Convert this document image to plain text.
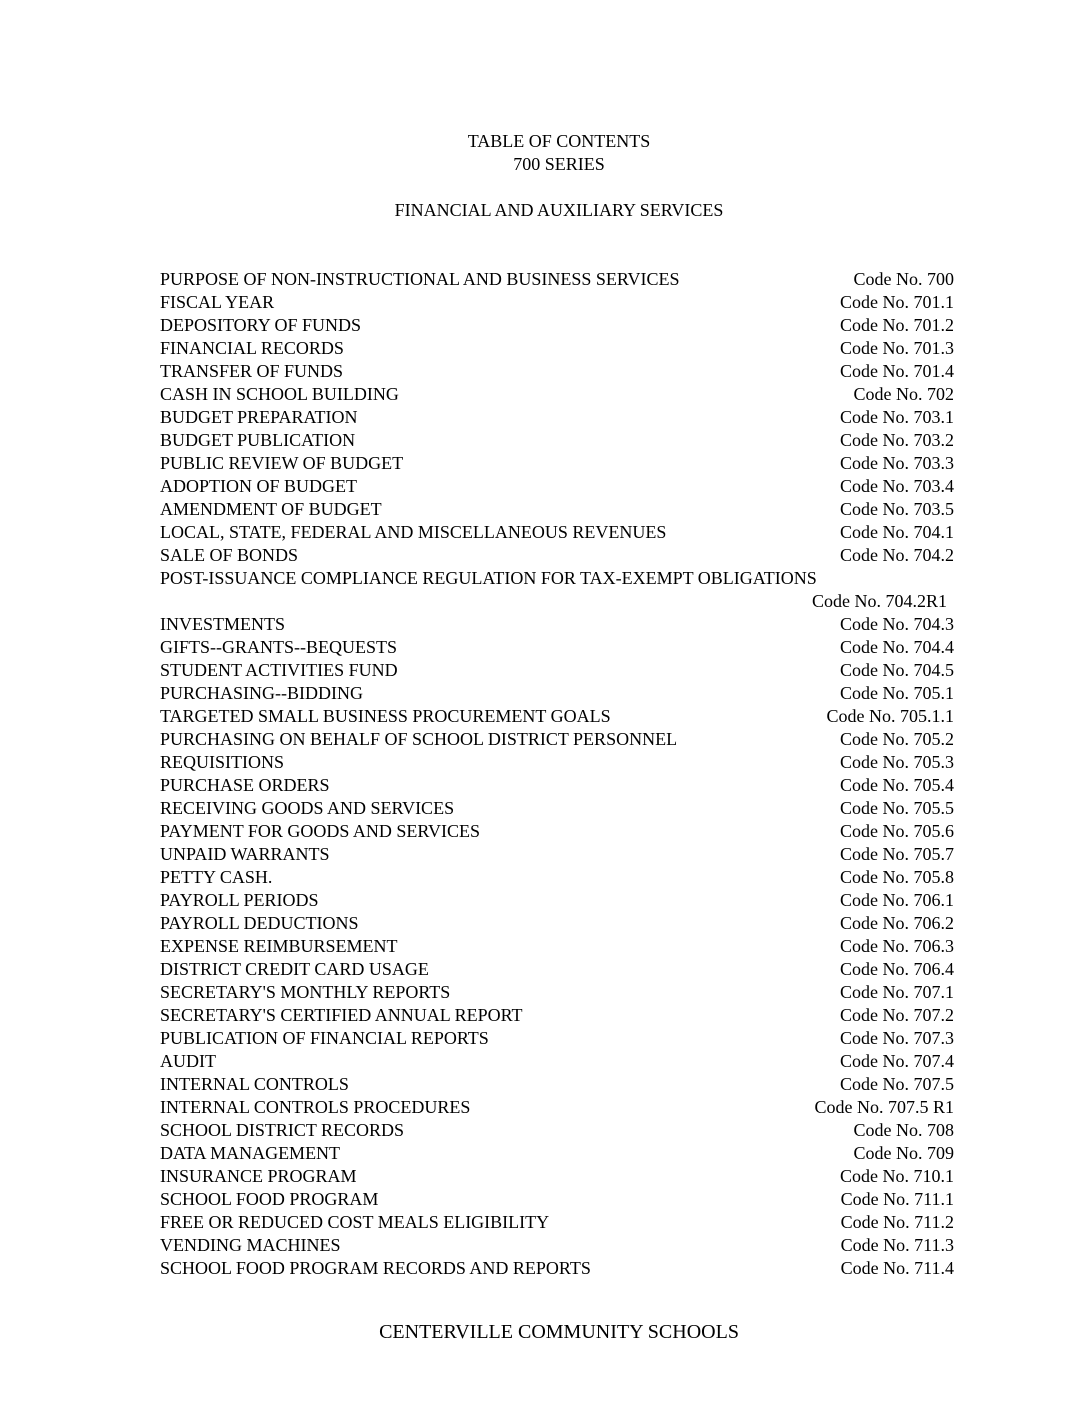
TABLE OF CONTENTS
700 SERIES
FINANCIAL AND AUXILIARY SERVICES
PURPOSE OF NON-INSTRUCTIONAL AND BUSINESS SERVICES	Code No. 700
FISCAL YEAR	Code No. 701.1
DEPOSITORY OF FUNDS	Code No. 701.2
FINANCIAL RECORDS	Code No. 701.3
TRANSFER OF FUNDS	Code No. 701.4
CASH IN SCHOOL BUILDING	Code No. 702
BUDGET PREPARATION	Code No. 703.1
BUDGET PUBLICATION	Code No. 703.2
PUBLIC REVIEW OF BUDGET	Code No. 703.3
ADOPTION OF BUDGET	Code No. 703.4
AMENDMENT OF BUDGET	Code No. 703.5
LOCAL, STATE, FEDERAL AND MISCELLANEOUS REVENUES	Code No. 704.1
SALE OF BONDS	Code No. 704.2
POST-ISSUANCE COMPLIANCE REGULATION FOR TAX-EXEMPT OBLIGATIONS
Code No. 704.2R1
INVESTMENTS	Code No. 704.3
GIFTS--GRANTS--BEQUESTS	Code No. 704.4
STUDENT ACTIVITIES FUND	Code No. 704.5
PURCHASING--BIDDING	Code No. 705.1
TARGETED SMALL BUSINESS PROCUREMENT GOALS	Code No. 705.1.1
PURCHASING ON BEHALF OF SCHOOL DISTRICT PERSONNEL	Code No. 705.2
REQUISITIONS	Code No. 705.3
PURCHASE ORDERS	Code No. 705.4
RECEIVING GOODS AND SERVICES	Code No. 705.5
PAYMENT FOR GOODS AND SERVICES	Code No. 705.6
UNPAID WARRANTS	Code No. 705.7
PETTY CASH.	Code No. 705.8
PAYROLL PERIODS	Code No. 706.1
PAYROLL DEDUCTIONS	Code No. 706.2
EXPENSE REIMBURSEMENT	Code No. 706.3
DISTRICT CREDIT CARD USAGE	Code No. 706.4
SECRETARY'S MONTHLY REPORTS	Code No. 707.1
SECRETARY'S CERTIFIED ANNUAL REPORT	Code No. 707.2
PUBLICATION OF FINANCIAL REPORTS	Code No. 707.3
AUDIT	Code No. 707.4
INTERNAL CONTROLS	Code No. 707.5
INTERNAL CONTROLS PROCEDURES	Code No. 707.5 R1
SCHOOL DISTRICT RECORDS	Code No. 708
DATA MANAGEMENT	Code No. 709
INSURANCE PROGRAM	Code No. 710.1
SCHOOL FOOD PROGRAM	Code No. 711.1
FREE OR REDUCED COST MEALS ELIGIBILITY	Code No. 711.2
VENDING MACHINES	Code No. 711.3
SCHOOL FOOD PROGRAM RECORDS AND REPORTS	Code No. 711.4
CENTERVILLE COMMUNITY SCHOOLS
